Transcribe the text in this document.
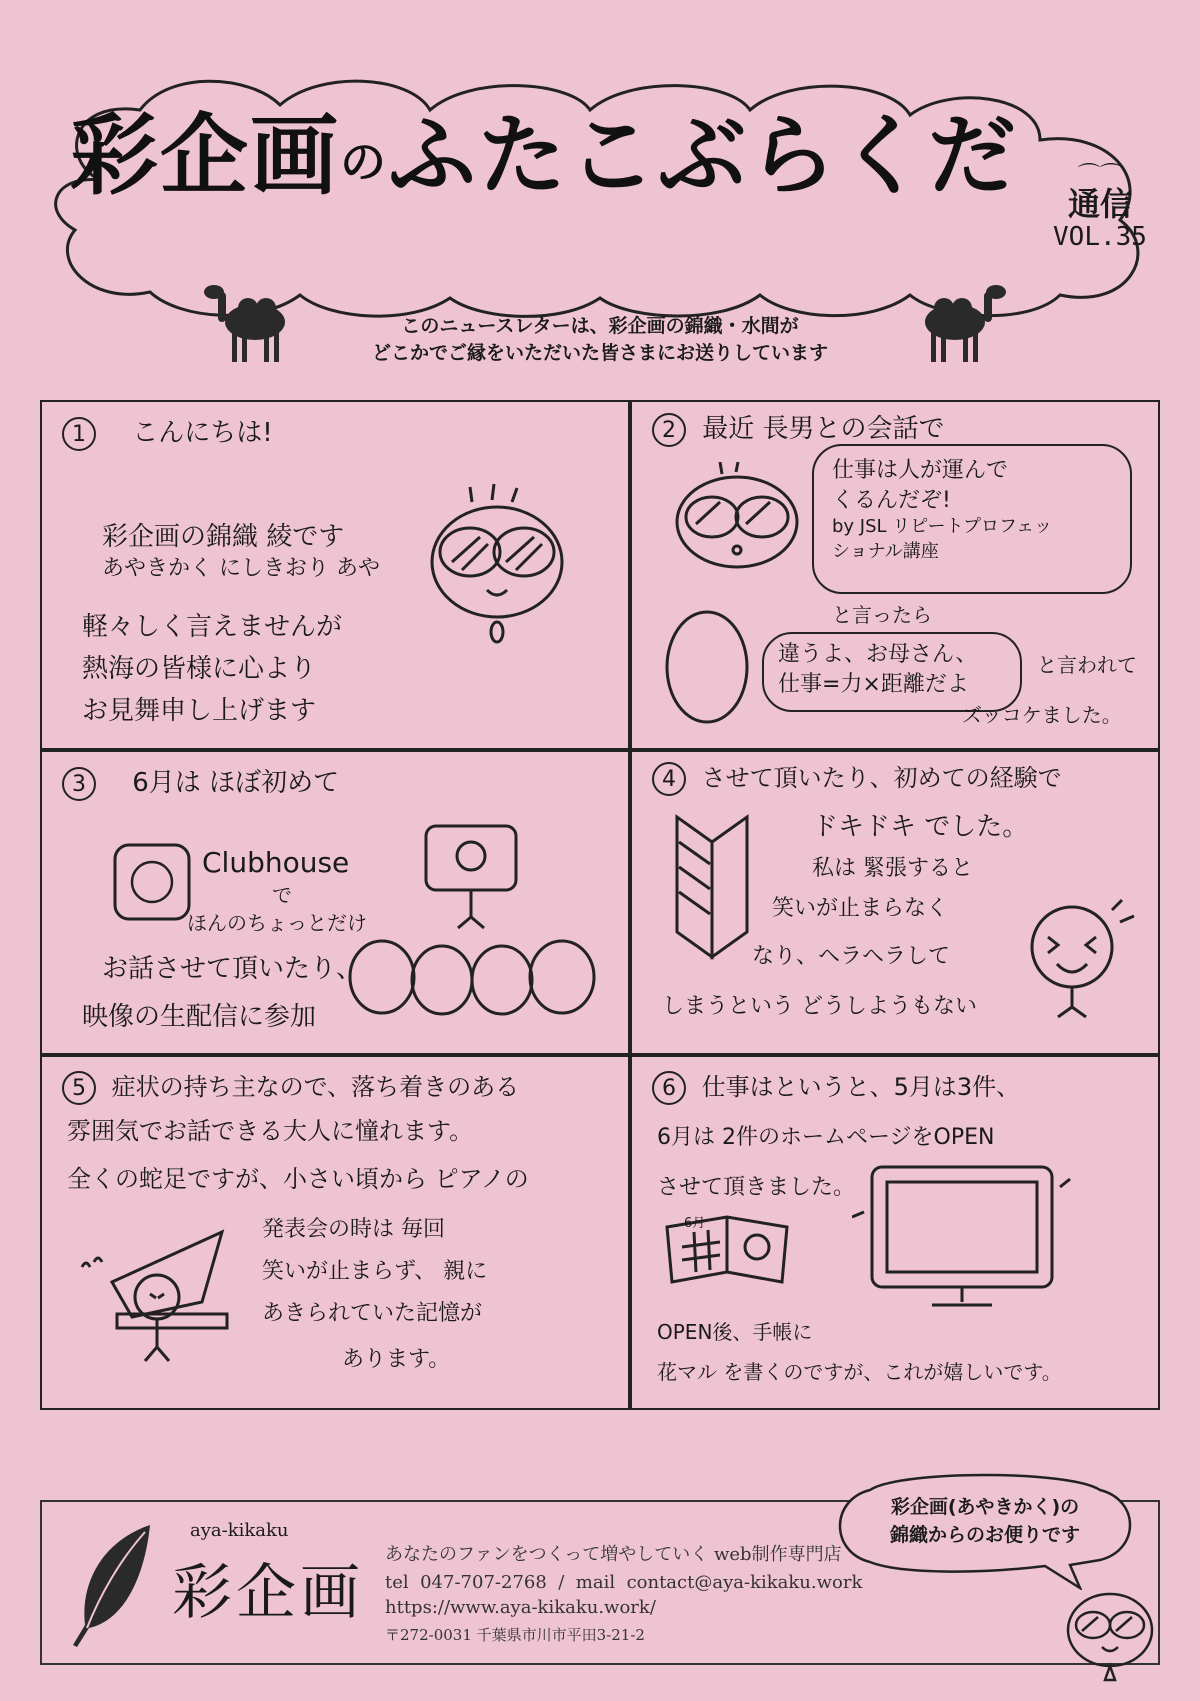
彩企画のふたこぶらくだ	⌒⌒
通信
VOL.35
このニュースレターは、彩企画の錦織・水間が
どこかでご縁をいただいた皆さまにお送りしています
1 こんにちは!
彩企画の錦織 綾です
あやきかく にしきおり あや
軽々しく言えませんが
熱海の皆様に心より
お見舞申し上げます
2 最近 長男との会話で
仕事は人が運んで
くるんだぞ!
by JSL リピートプロフェッ
ショナル講座
と言ったら
違うよ、お母さん、
仕事=力×距離だよ
と言われて
ズッコケました。
3 6月は ほぼ初めて
Clubhouse
で
ほんのちょっとだけ
お話させて頂いたり、
映像の生配信に参加
4 させて頂いたり、初めての経験で
ドキドキ でした。
私は 緊張すると
笑いが止まらなく
なり、ヘラヘラして
しまうという どうしようもない
5 症状の持ち主なので、落ち着きのある
雰囲気でお話できる大人に憧れます。
全くの蛇足ですが、小さい頃から ピアノの
発表会の時は 毎回
笑いが止まらず、 親に
あきられていた記憶が
あります。
6 仕事はというと、5月は3件、
6月は 2件のホームページをOPEN
させて頂きました。
6月
OPEN後、手帳に
花マル を書くのですが、これが嬉しいです。
aya-kikaku
彩企画
あなたのファンをつくって増やしていく web制作専門店
tel 047-707-2768 / mail contact@aya-kikaku.work
https://www.aya-kikaku.work/
〒272-0031 千葉県市川市平田3-21-2
彩企画(あやきかく)の
錦織からのお便りです
